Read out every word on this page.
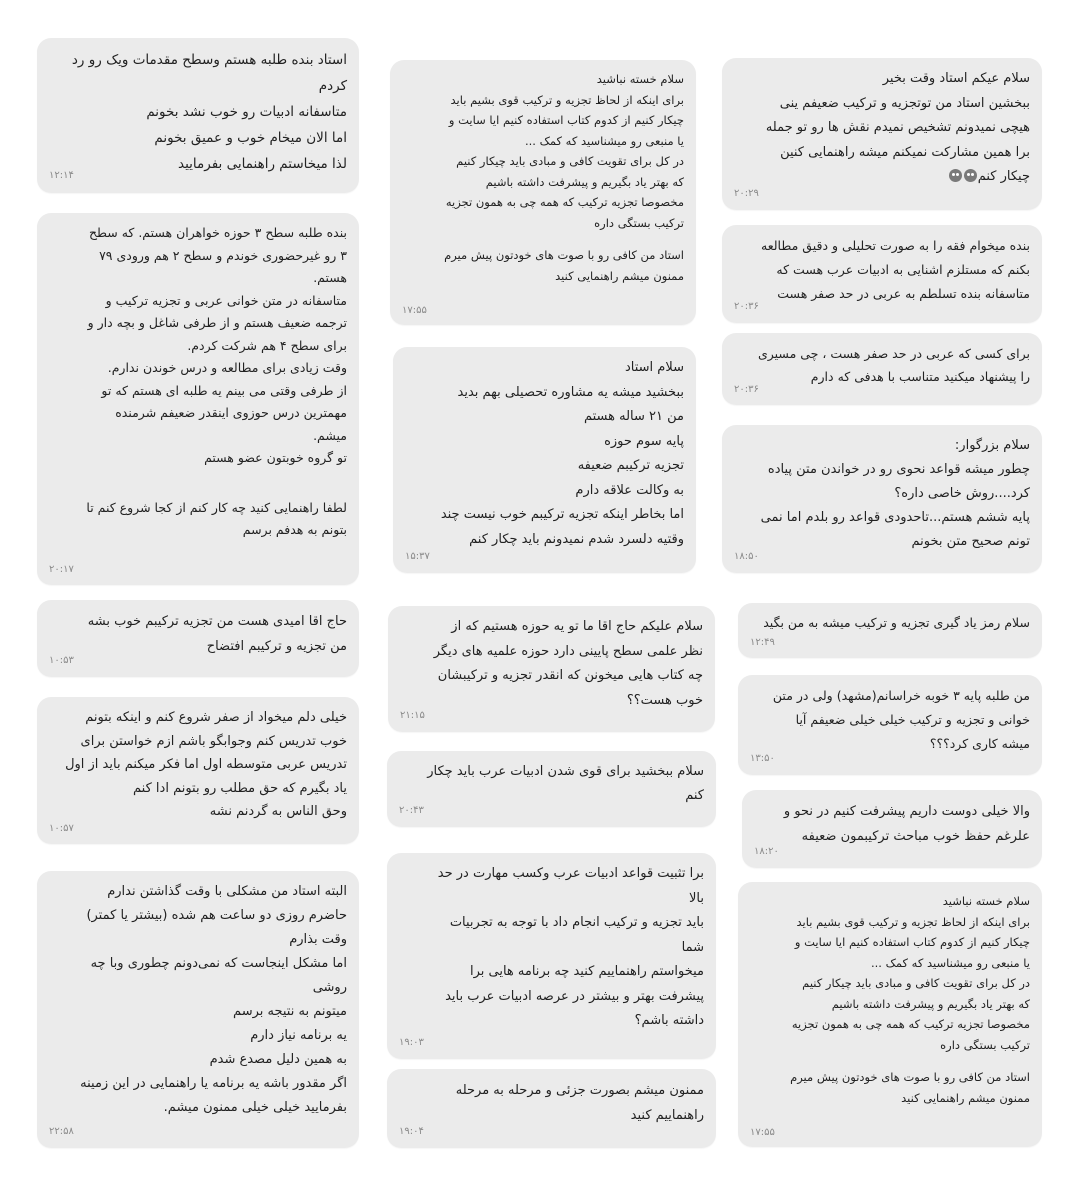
استاد بنده طلبه هستم وسطح مقدمات ویک رو رد
کردم
متاسفانه ادبیات رو خوب نشد بخونم
اما الان میخام خوب و عمیق بخونم
لذا میخاستم راهنمایی بفرمایید
۱۲:۱۴
سلام خسته نباشید
برای اینکه از لحاظ تجزیه و ترکیب قوی بشیم باید
چیکار کنیم از کدوم کتاب استفاده کنیم ایا سایت و
یا منبعی رو میشناسید که کمک ...
در کل برای تقویت کافی و مبادی باید چیکار کنیم
که بهتر یاد بگیریم و پیشرفت داشته باشیم
مخصوصا تجزیه ترکیب که همه چی به همون تجزیه
ترکیب بستگی داره
استاد من کافی رو با صوت های خودتون پیش میرم
ممنون میشم راهنمایی کنید
۱۷:۵۵
سلام عیکم استاد وقت بخیر
ببخشین استاد من توتجزیه و ترکیب ضعیفم ینی
هیچی نمیدونم تشخیص نمیدم نقش ها رو تو جمله
برا همین مشارکت نمیکنم میشه راهنمایی کنین
چیکار کنم
۲۰:۲۹
بنده طلبه سطح ۳ حوزه خواهران هستم. که سطح
۳ رو غیرحضوری خوندم و سطح ۲ هم ورودی ۷۹
هستم.
متاسفانه در متن خوانی عربی و تجزیه ترکیب و
ترجمه ضعیف هستم و از طرفی شاغل و بچه دار و
برای سطح ۴ هم شرکت کردم.
وقت زیادی برای مطالعه و درس خوندن ندارم.
از طرفی وقتی می بینم یه طلبه ای هستم که تو
مهمترین درس حوزوی اینقدر ضعیفم شرمنده
میشم.
تو گروه خوبتون عضو هستم
لطفا راهنمایی کنید چه کار کنم از کجا شروع کنم تا
بتونم به هدفم برسم
۲۰:۱۷
بنده میخوام فقه را به صورت تحلیلی و دقیق مطالعه
بکنم که مستلزم اشنایی به ادبیات عرب هست که
متاسفانه بنده تسلطم به عربی در حد صفر هست
۲۰:۳۶
برای کسی که عربی در حد صفر هست ، چی مسیری
را پیشنهاد میکنید متناسب با هدفی که دارم
۲۰:۳۶
سلام استاد
ببخشید میشه یه مشاوره تحصیلی بهم بدید
من ۲۱ ساله هستم
پایه سوم حوزه
تجزیه ترکیبم ضعیفه
به وکالت علاقه دارم
اما بخاطر اینکه تجزیه ترکیبم خوب نیست چند
وقتیه دلسرد شدم نمیدونم باید چکار کنم
۱۵:۳۷
سلام بزرگوار:
چطور میشه قواعد نحوی رو در خواندن متن پیاده
کرد....روش خاصی داره؟
پایه ششم هستم...تاحدودی قواعد رو بلدم اما نمی
تونم صحیح متن بخونم
۱۸:۵۰
حاج اقا امیدی هست من تجزیه ترکیبم خوب بشه
من تجزیه و ترکیبم افتضاح
۱۰:۵۳
سلام علیکم حاج اقا ما تو یه حوزه هستیم که از
نظر علمی سطح پایینی دارد حوزه علمیه های دیگر
چه کتاب هایی میخونن که انقدر تجزیه و ترکیبشان
خوب هست؟؟
۲۱:۱۵
سلام رمز یاد گیری تجزیه و ترکیب میشه به من بگید
۱۲:۴۹
من طلبه پایه ۳ خوبه خراسانم(مشهد) ولی در متن
خوانی و تجزیه و ترکیب خیلی خیلی ضعیفم آیا
میشه کاری کرد؟؟؟
۱۳:۵۰
خیلی دلم میخواد از صفر شروع کنم و اینکه بتونم
خوب تدریس کنم وجوابگو باشم ازم خواستن برای
تدریس عربی متوسطه اول اما فکر میکنم باید از اول
یاد بگیرم که حق مطلب رو بتونم ادا کنم
وحق الناس به گردنم نشه
۱۰:۵۷
سلام ببخشید برای قوی شدن ادبیات عرب باید چکار
کنم
۲۰:۴۳	والا خیلی دوست داریم پیشرفت کنیم در نحو و
علرغم حفظ خوب مباحث ترکیبمون ضعیفه
۱۸:۲۰
البته استاد من مشکلی با وقت گذاشتن ندارم
حاضرم روزی دو ساعت هم شده (بیشتر یا کمتر)
وقت بذارم
اما مشکل اینجاست که نمی‌دونم چطوری وبا چه
روشی
میتونم به نتیجه برسم
یه برنامه نیاز دارم
به همین دلیل مصدع شدم
اگر مقدور باشه یه برنامه یا راهنمایی در این زمینه
بفرمایید خیلی خیلی ممنون میشم.
۲۲:۵۸
برا تثبیت قواعد ادبیات عرب وکسب مهارت در حد
بالا
باید تجزیه و ترکیب انجام داد با توجه به تجربیات
شما
میخواستم راهنماییم کنید چه برنامه هایی برا
پیشرفت بهتر و بیشتر در عرصه ادبیات عرب باید
داشته باشم؟
۱۹:۰۳
سلام خسته نباشید
برای اینکه از لحاظ تجزیه و ترکیب قوی بشیم باید
چیکار کنیم از کدوم کتاب استفاده کنیم ایا سایت و
یا منبعی رو میشناسید که کمک ...
در کل برای تقویت کافی و مبادی باید چیکار کنیم
که بهتر یاد بگیریم و پیشرفت داشته باشیم
مخصوصا تجزیه ترکیب که همه چی به همون تجزیه
ترکیب بستگی داره
استاد من کافی رو با صوت های خودتون پیش میرم
ممنون میشم راهنمایی کنید
۱۷:۵۵
ممنون میشم بصورت جزئی و مرحله به مرحله
راهنماییم کنید
۱۹:۰۴
